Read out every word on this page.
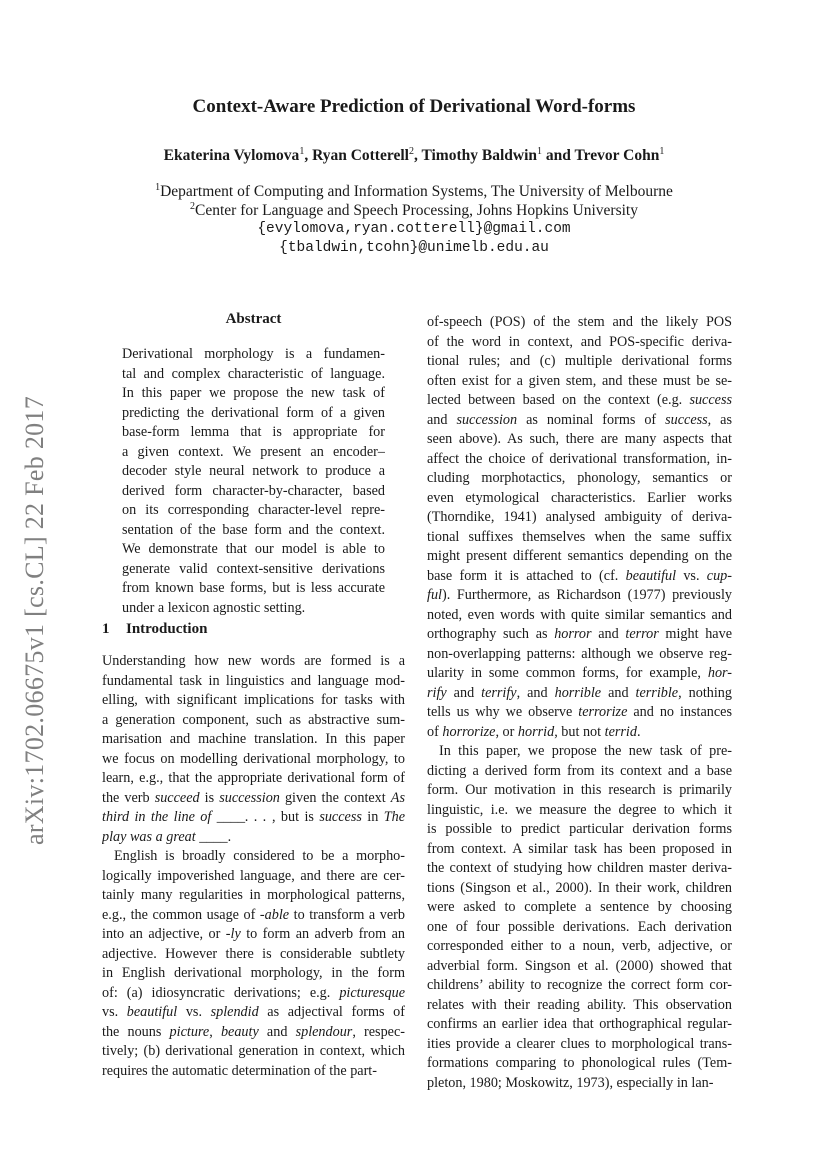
arXiv:1702.06675v1 [cs.CL] 22 Feb 2017
Context-Aware Prediction of Derivational Word-forms
Ekaterina Vylomova$^1$, Ryan Cotterell$^2$, Timothy Baldwin$^1$ and Trevor Cohn$^1$
$^1$Department of Computing and Information Systems, The University of Melbourne
$^2$Center for Language and Speech Processing, Johns Hopkins University
{evylomova,ryan.cotterell}@gmail.com
{tbaldwin,tcohn}@unimelb.edu.au
Abstract
Derivational morphology is a fundamen-
tal and complex characteristic of language.
In this paper we propose the new task of
predicting the derivational form of a given
base-form lemma that is appropriate for
a given context. We present an encoder–
decoder style neural network to produce a
derived form character-by-character, based
on its corresponding character-level repre-
sentation of the base form and the context.
We demonstrate that our model is able to
generate valid context-sensitive derivations
from known base forms, but is less accurate
under a lexicon agnostic setting.
1 Introduction
Understanding how new words are formed is a
fundamental task in linguistics and language mod-
elling, with significant implications for tasks with
a generation component, such as abstractive sum-
marisation and machine translation. In this paper
we focus on modelling derivational morphology, to
learn, e.g., that the appropriate derivational form of
the verb succeed is succession given the context As
third in the line of ____. . . , but is success in The
play was a great ____.
English is broadly considered to be a morpho-
logically impoverished language, and there are cer-
tainly many regularities in morphological patterns,
e.g., the common usage of -able to transform a verb
into an adjective, or -ly to form an adverb from an
adjective. However there is considerable subtlety
in English derivational morphology, in the form
of: (a) idiosyncratic derivations; e.g. picturesque
vs. beautiful vs. splendid as adjectival forms of
the nouns picture, beauty and splendour, respec-
tively; (b) derivational generation in context, which
requires the automatic determination of the part-
of-speech (POS) of the stem and the likely POS
of the word in context, and POS-specific deriva-
tional rules; and (c) multiple derivational forms
often exist for a given stem, and these must be se-
lected between based on the context (e.g. success
and succession as nominal forms of success, as
seen above). As such, there are many aspects that
affect the choice of derivational transformation, in-
cluding morphotactics, phonology, semantics or
even etymological characteristics. Earlier works
(Thorndike, 1941) analysed ambiguity of deriva-
tional suffixes themselves when the same suffix
might present different semantics depending on the
base form it is attached to (cf. beautiful vs. cup-
ful). Furthermore, as Richardson (1977) previously
noted, even words with quite similar semantics and
orthography such as horror and terror might have
non-overlapping patterns: although we observe reg-
ularity in some common forms, for example, hor-
rify and terrify, and horrible and terrible, nothing
tells us why we observe terrorize and no instances
of horrorize, or horrid, but not terrid.
In this paper, we propose the new task of pre-
dicting a derived form from its context and a base
form. Our motivation in this research is primarily
linguistic, i.e. we measure the degree to which it
is possible to predict particular derivation forms
from context. A similar task has been proposed in
the context of studying how children master deriva-
tions (Singson et al., 2000). In their work, children
were asked to complete a sentence by choosing
one of four possible derivations. Each derivation
corresponded either to a noun, verb, adjective, or
adverbial form. Singson et al. (2000) showed that
childrens’ ability to recognize the correct form cor-
relates with their reading ability. This observation
confirms an earlier idea that orthographical regular-
ities provide a clearer clues to morphological trans-
formations comparing to phonological rules (Tem-
pleton, 1980; Moskowitz, 1973), especially in lan-
